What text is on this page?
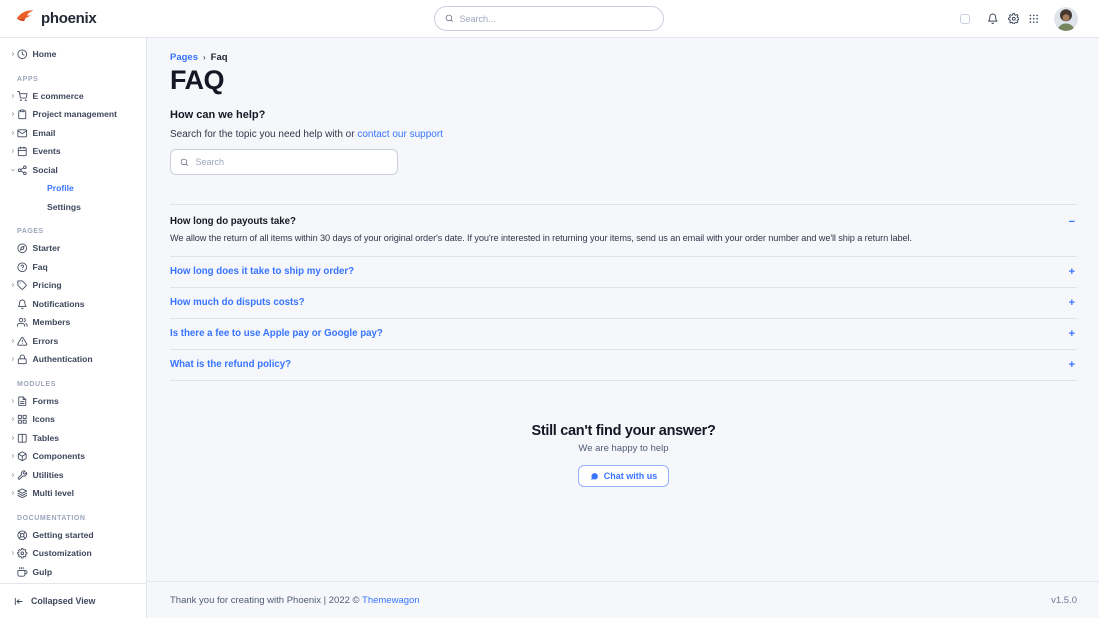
phoenix
Search...
Home
APPS
E commerce
Project management
Email
Events
Social
Profile
Settings
PAGES
Starter
Faq
Pricing
Notifications
Members
Errors
Authentication
MODULES
Forms
Icons
Tables
Components
Utilities
Multi level
DOCUMENTATION
Getting started
Customization
Gulp
Collapsed View
Pages › Faq
FAQ
How can we help?
Search for the topic you need help with or contact our support
Search
How long do payouts take?
We allow the return of all items within 30 days of your original order's date. If you're interested in returning your items, send us an email with your order number and we'll ship a return label.
−
How long does it take to ship my order?	+
How much do disputs costs?	+
Is there a fee to use Apple pay or Google pay?	+
What is the refund policy?	+
Still can't find your answer?
We are happy to help
Chat with us
Thank you for creating with Phoenix | 2022 © Themewagon	v1.5.0
